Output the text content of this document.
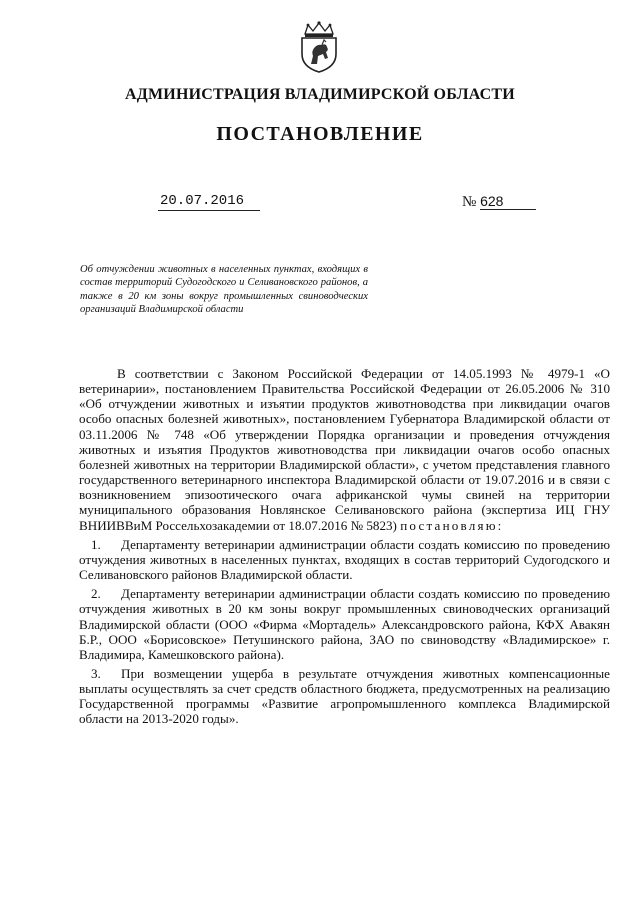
АДМИНИСТРАЦИЯ ВЛАДИМИРСКОЙ ОБЛАСТИ
ПОСТАНОВЛЕНИЕ
20.07.2016	№ 628
Об отчуждении животных в населенных пунктах, входящих в состав территорий Судогодского и Селивановского районов, а также в 20 км зоны вокруг промышленных свиноводческих организаций Владимирской области

В соответствии с Законом Российской Федерации от 14.05.1993 № 4979-1 «О ветеринарии», постановлением Правительства Российской Федерации от 26.05.2006 № 310 «Об отчуждении животных и изъятии продуктов животноводства при ликвидации очагов особо опасных болезней животных», постановлением Губернатора Владимирской области от 03.11.2006 № 748 «Об утверждении Порядка организации и проведения отчуждения животных и изъятия Продуктов животноводства при ликвидации очагов особо опасных болезней животных на территории Владимирской области», с учетом представления главного государственного ветеринарного инспектора Владимирской области от 19.07.2016 и в связи с возникновением эпизоотического очага африканской чумы свиней на территории муниципального образования Новлянское Селивановского района (экспертиза ИЦ ГНУ ВНИИВВиМ Россельхозакадемии от 18.07.2016 № 5823) постановляю:

1. Департаменту ветеринарии администрации области создать комиссию по проведению отчуждения животных в населенных пунктах, входящих в состав территорий Судогодского и Селивановского районов Владимирской области.

2. Департаменту ветеринарии администрации области создать комиссию по проведению отчуждения животных в 20 км зоны вокруг промышленных свиноводческих организаций Владимирской области (ООО «Фирма «Мортадель» Александровского района, КФХ Авакян Б.Р., ООО «Борисовское» Петушинского района, ЗАО по свиноводству «Владимирское» г. Владимира, Камешковского района).

3. При возмещении ущерба в результате отчуждения животных компенсационные выплаты осуществлять за счет средств областного бюджета, предусмотренных на реализацию Государственной программы «Развитие агропромышленного комплекса Владимирской области на 2013-2020 годы».
